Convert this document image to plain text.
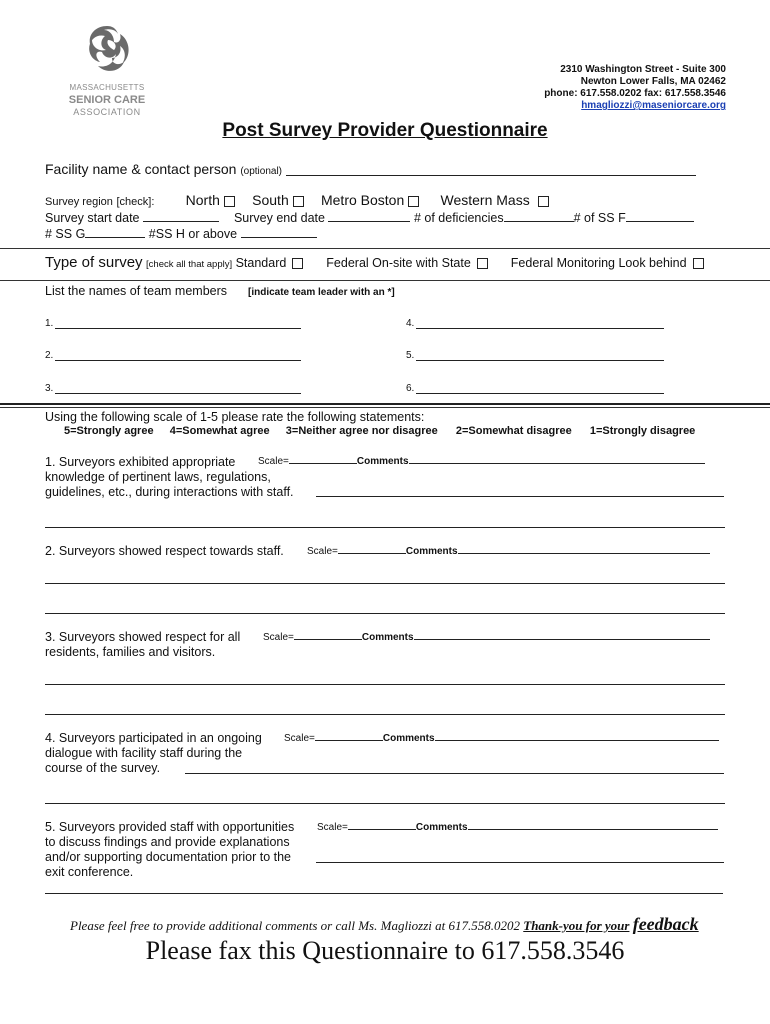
MASSACHUSETTS
SENIOR CARE
ASSOCIATION
2310 Washington Street - Suite 300
Newton Lower Falls, MA 02462
phone: 617.558.0202 fax: 617.558.3546
hmagliozzi@maseniorcare.org
Post Survey Provider Questionnaire
Facility name & contact person (optional)
Survey region [check]: North South Metro Boston	Western Mass
Survey start date	Survey end date	# of deficiencies	# of SS F
# SS G	#SS H or above
Type of survey [check all that apply] Standard	Federal On-site with State	Federal Monitoring Look behind
List the names of team members [indicate team leader with an *]
1.	4.
2.	5.
3.	6.
Using the following scale of 1-5 please rate the following statements:
5=Strongly agree 4=Somewhat agree 3=Neither agree nor disagree 2=Somewhat disagree 1=Strongly disagree
1. Surveyors exhibited appropriate
knowledge of pertinent laws, regulations,
guidelines, etc., during interactions with staff.
Scale=	Comments
2. Surveyors showed respect towards staff. Scale=	Comments
3. Surveyors showed respect for all
residents, families and visitors.
Scale=	Comments
4. Surveyors participated in an ongoing
dialogue with facility staff during the
course of the survey.
Scale=	Comments
5. Surveyors provided staff with opportunities
to discuss findings and provide explanations
and/or supporting documentation prior to the
exit conference.
Scale=	Comments
Please feel free to provide additional comments or call Ms. Magliozzi at 617.558.0202 Thank-you for your feedback
Please fax this Questionnaire to 617.558.3546
